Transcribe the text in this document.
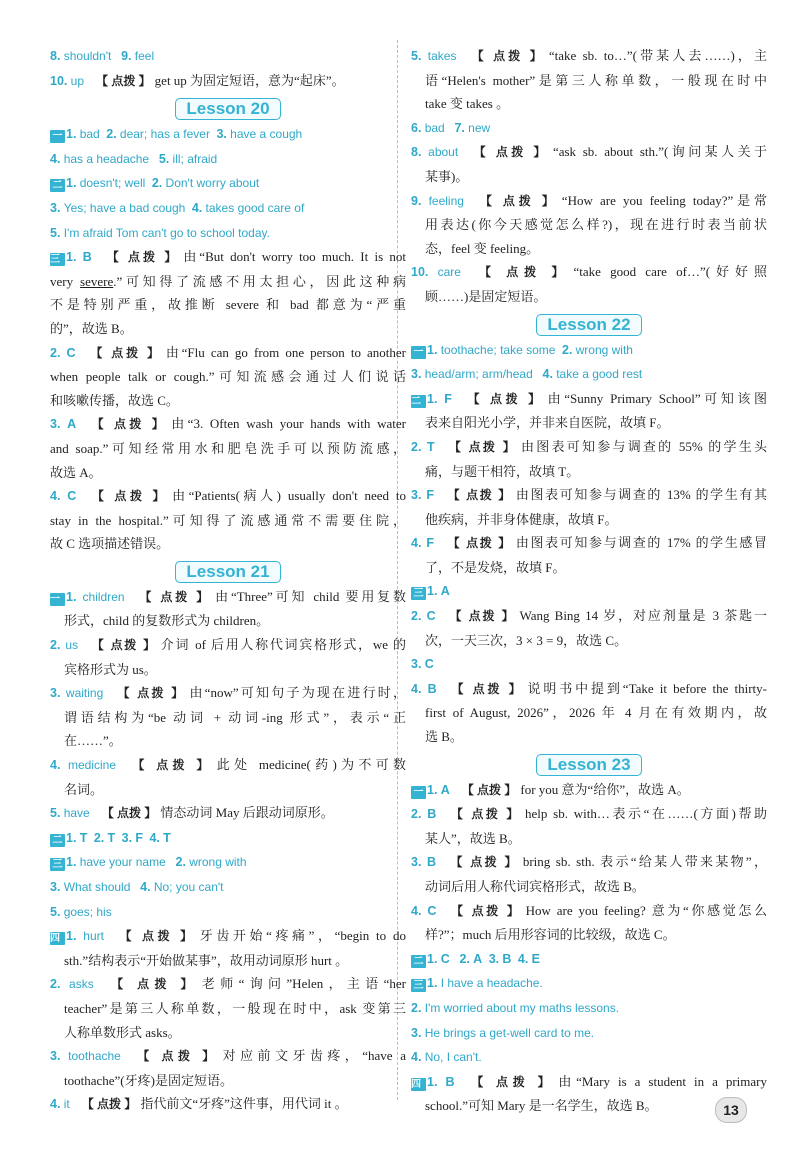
8. shouldn't 9. feel
10. up 【 点拨 】 get up 为固定短语，意为“起床”。
Lesson 20
一 1. bad 2. dear; has a fever 3. have a cough
4. has a headache 5. ill; afraid
二 1. doesn't; well 2. Don't worry about
3. Yes; have a bad cough 4. takes good care of
5. I'm afraid Tom can't go to school today.
三 1. B 【 点拨 】 由“But don't worry too much. It is not
very severe.”可知得了流感不用太担心，因此这种病
不是特别严重，故推断 severe 和 bad 都意为“严重
的”，故选 B。
2. C 【 点拨 】 由“Flu can go from one person to another
when people talk or cough.”可知流感会通过人们说话
和咳嗽传播，故选 C。
3. A 【 点拨 】 由“3. Often wash your hands with water
and soap.”可知经常用水和肥皂洗手可以预防流感，
故选 A。
4. C 【 点拨 】 由“Patients(病人) usually don't need to
stay in the hospital.”可知得了流感通常不需要住院，
故 C 选项描述错误。
Lesson 21
一 1. children 【 点拨 】 由“Three”可知 child 要用复数
形式，child 的复数形式为 children。
2. us 【 点拨 】 介词 of 后用人称代词宾格形式，we 的
宾格形式为 us。
3. waiting 【 点拨 】 由“now”可知句子为现在进行时，
谓语结构为“be 动词 + 动词-ing 形式”，表示“正
在……”。
4. medicine 【 点拨 】 此处 medicine(药)为不可数
名词。
5. have 【 点拨 】 情态动词 May 后跟动词原形。
二 1. T 2. T 3. F 4. T
三 1. have your name 2. wrong with
3. What should 4. No; you can't
5. goes; his
四 1. hurt 【 点拨 】 牙齿开始“疼痛”，“begin to do
sth.”结构表示“开始做某事”，故用动词原形 hurt 。
2. asks 【 点拨 】 老师“询问”Helen，主语“her
teacher”是第三人称单数，一般现在时中，ask 变第三
人称单数形式 asks。
3. toothache 【 点拨 】 对应前文牙齿疼，“have a
toothache”(牙疼)是固定短语。
4. it 【 点拨 】 指代前文“牙疼”这件事，用代词 it 。
5. takes 【 点拨 】 “take sb. to…”(带某人去……)，主
语“Helen's mother”是第三人称单数，一般现在时中
take 变 takes 。
6. bad 7. new
8. about 【 点拨 】 “ask sb. about sth.”(询问某人关于
某事)。
9. feeling 【 点拨 】 “How are you feeling today?”是常
用表达(你今天感觉怎么样?)，现在进行时表当前状
态，feel 变 feeling。
10. care 【 点拨 】 “take good care of…”(好好照
顾……)是固定短语。
Lesson 22
一 1. toothache; take some 2. wrong with
3. head/arm; arm/head 4. take a good rest
二 1. F 【 点拨 】 由“Sunny Primary School”可知该图
表来自阳光小学，并非来自医院，故填 F。
2. T 【 点拨 】 由图表可知参与调查的 55% 的学生头
痛，与题干相符，故填 T。
3. F 【 点拨 】 由图表可知参与调查的 13% 的学生有其
他疾病，并非身体健康，故填 F。
4. F 【 点拨 】 由图表可知参与调查的 17% 的学生感冒
了，不是发烧，故填 F。
三 1. A
2. C 【 点拨 】 Wang Bing 14 岁，对应剂量是 3 茶匙一
次，一天三次，3 × 3 = 9，故选 C。
3. C
4. B 【 点拨 】 说明书中提到“Take it before the thirty-
first of August, 2026”，2026 年 4 月在有效期内，故
选 B。
Lesson 23
一 1. A 【 点拨 】 for you 意为“给你”，故选 A。
2. B 【 点拨 】 help sb. with…表示“在……(方面)帮助
某人”，故选 B。
3. B 【 点拨 】 bring sb. sth. 表示“给某人带来某物”，
动词后用人称代词宾格形式，故选 B。
4. C 【 点拨 】 How are you feeling? 意为“你感觉怎么
样?”；much 后用形容词的比较级，故选 C。
二 1. C 2. A 3. B 4. E
三 1. I have a headache.
2. I'm worried about my maths lessons.
3. He brings a get-well card to me.
4. No, I can't.
四 1. B 【 点拨 】 由“Mary is a student in a primary
school.”可知 Mary 是一名学生，故选 B。	13
